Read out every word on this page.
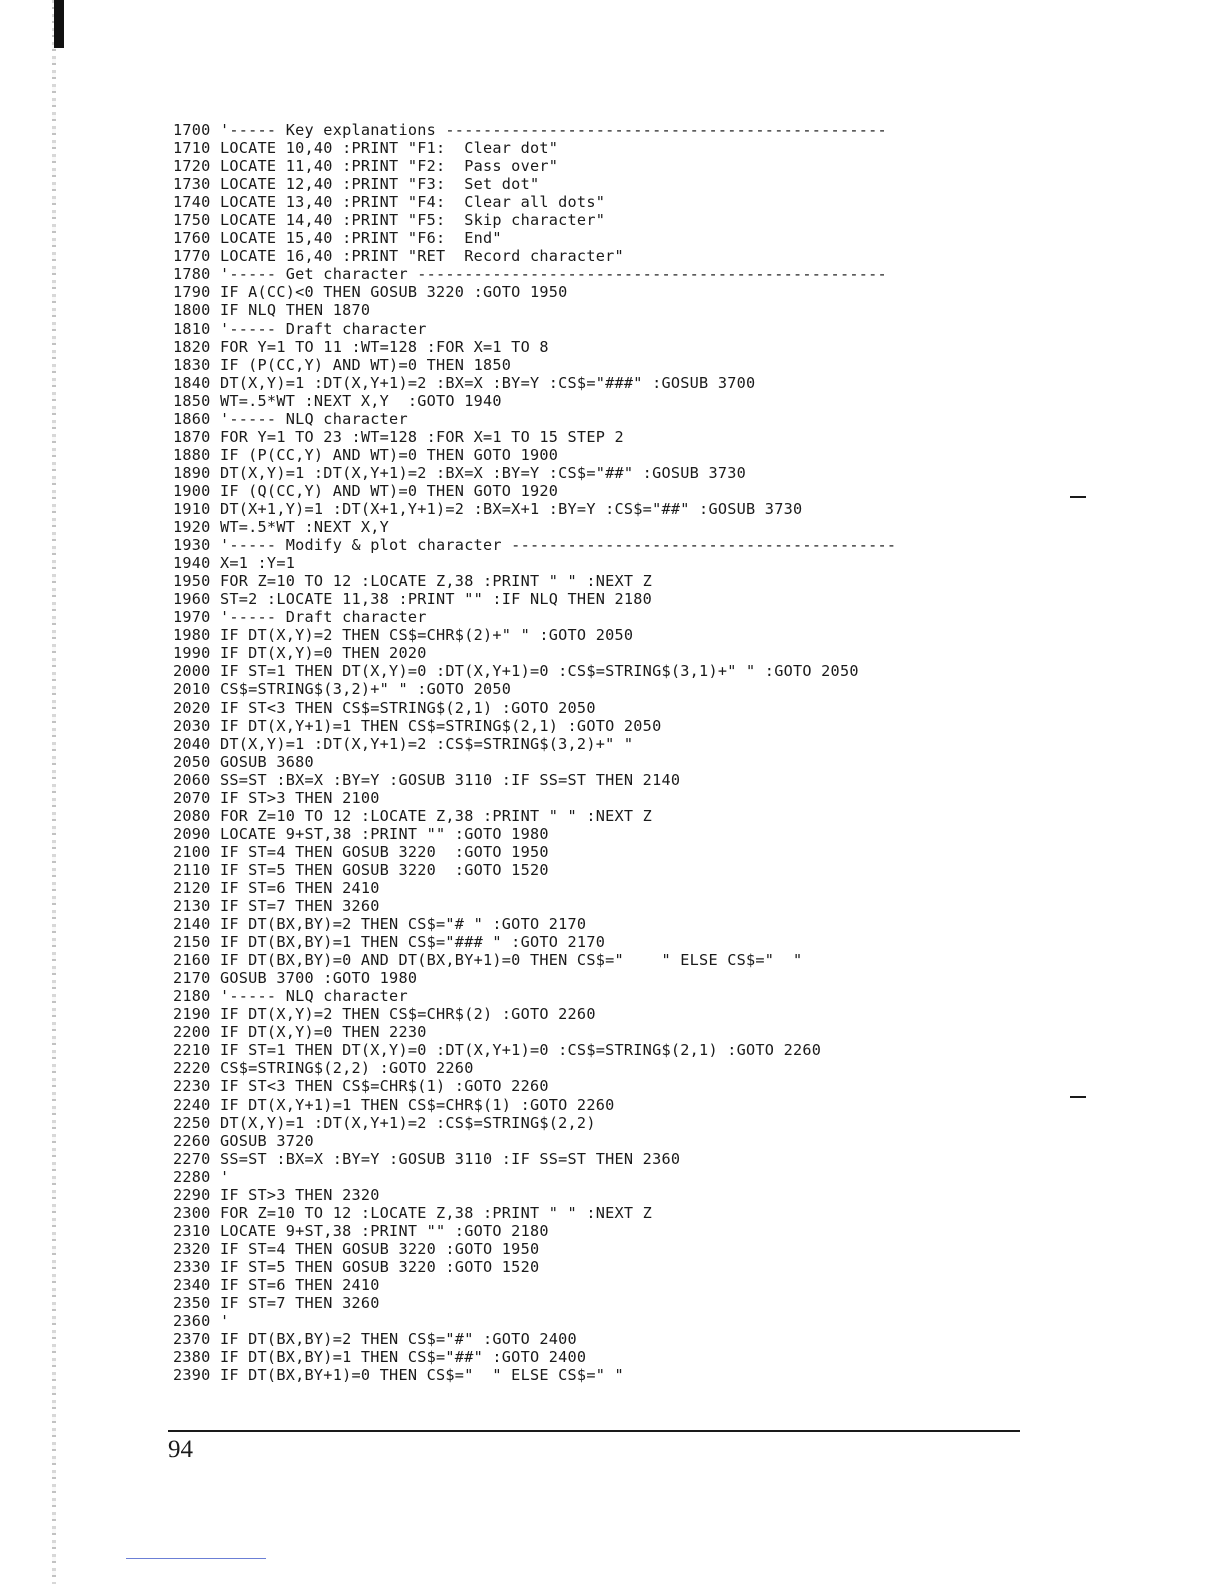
1700 '----- Key explanations -----------------------------------------------
1710 LOCATE 10,40 :PRINT "F1:  Clear dot"
1720 LOCATE 11,40 :PRINT "F2:  Pass over"
1730 LOCATE 12,40 :PRINT "F3:  Set dot"
1740 LOCATE 13,40 :PRINT "F4:  Clear all dots"
1750 LOCATE 14,40 :PRINT "F5:  Skip character"
1760 LOCATE 15,40 :PRINT "F6:  End"
1770 LOCATE 16,40 :PRINT "RET  Record character"
1780 '----- Get character --------------------------------------------------
1790 IF A(CC)<0 THEN GOSUB 3220 :GOTO 1950
1800 IF NLQ THEN 1870
1810 '----- Draft character
1820 FOR Y=1 TO 11 :WT=128 :FOR X=1 TO 8
1830 IF (P(CC,Y) AND WT)=0 THEN 1850
1840 DT(X,Y)=1 :DT(X,Y+1)=2 :BX=X :BY=Y :CS$="###" :GOSUB 3700
1850 WT=.5*WT :NEXT X,Y  :GOTO 1940
1860 '----- NLQ character
1870 FOR Y=1 TO 23 :WT=128 :FOR X=1 TO 15 STEP 2
1880 IF (P(CC,Y) AND WT)=0 THEN GOTO 1900
1890 DT(X,Y)=1 :DT(X,Y+1)=2 :BX=X :BY=Y :CS$="##" :GOSUB 3730
1900 IF (Q(CC,Y) AND WT)=0 THEN GOTO 1920
1910 DT(X+1,Y)=1 :DT(X+1,Y+1)=2 :BX=X+1 :BY=Y :CS$="##" :GOSUB 3730
1920 WT=.5*WT :NEXT X,Y
1930 '----- Modify & plot character -----------------------------------------
1940 X=1 :Y=1
1950 FOR Z=10 TO 12 :LOCATE Z,38 :PRINT " " :NEXT Z
1960 ST=2 :LOCATE 11,38 :PRINT "" :IF NLQ THEN 2180
1970 '----- Draft character
1980 IF DT(X,Y)=2 THEN CS$=CHR$(2)+" " :GOTO 2050
1990 IF DT(X,Y)=0 THEN 2020
2000 IF ST=1 THEN DT(X,Y)=0 :DT(X,Y+1)=0 :CS$=STRING$(3,1)+" " :GOTO 2050
2010 CS$=STRING$(3,2)+" " :GOTO 2050
2020 IF ST<3 THEN CS$=STRING$(2,1) :GOTO 2050
2030 IF DT(X,Y+1)=1 THEN CS$=STRING$(2,1) :GOTO 2050
2040 DT(X,Y)=1 :DT(X,Y+1)=2 :CS$=STRING$(3,2)+" "
2050 GOSUB 3680
2060 SS=ST :BX=X :BY=Y :GOSUB 3110 :IF SS=ST THEN 2140
2070 IF ST>3 THEN 2100
2080 FOR Z=10 TO 12 :LOCATE Z,38 :PRINT " " :NEXT Z
2090 LOCATE 9+ST,38 :PRINT "" :GOTO 1980
2100 IF ST=4 THEN GOSUB 3220  :GOTO 1950
2110 IF ST=5 THEN GOSUB 3220  :GOTO 1520
2120 IF ST=6 THEN 2410
2130 IF ST=7 THEN 3260
2140 IF DT(BX,BY)=2 THEN CS$="# " :GOTO 2170
2150 IF DT(BX,BY)=1 THEN CS$="### " :GOTO 2170
2160 IF DT(BX,BY)=0 AND DT(BX,BY+1)=0 THEN CS$="    " ELSE CS$="  "
2170 GOSUB 3700 :GOTO 1980
2180 '----- NLQ character
2190 IF DT(X,Y)=2 THEN CS$=CHR$(2) :GOTO 2260
2200 IF DT(X,Y)=0 THEN 2230
2210 IF ST=1 THEN DT(X,Y)=0 :DT(X,Y+1)=0 :CS$=STRING$(2,1) :GOTO 2260
2220 CS$=STRING$(2,2) :GOTO 2260
2230 IF ST<3 THEN CS$=CHR$(1) :GOTO 2260
2240 IF DT(X,Y+1)=1 THEN CS$=CHR$(1) :GOTO 2260
2250 DT(X,Y)=1 :DT(X,Y+1)=2 :CS$=STRING$(2,2)
2260 GOSUB 3720
2270 SS=ST :BX=X :BY=Y :GOSUB 3110 :IF SS=ST THEN 2360
2280 '
2290 IF ST>3 THEN 2320
2300 FOR Z=10 TO 12 :LOCATE Z,38 :PRINT " " :NEXT Z
2310 LOCATE 9+ST,38 :PRINT "" :GOTO 2180
2320 IF ST=4 THEN GOSUB 3220 :GOTO 1950
2330 IF ST=5 THEN GOSUB 3220 :GOTO 1520
2340 IF ST=6 THEN 2410
2350 IF ST=7 THEN 3260
2360 '
2370 IF DT(BX,BY)=2 THEN CS$="#" :GOTO 2400
2380 IF DT(BX,BY)=1 THEN CS$="##" :GOTO 2400
2390 IF DT(BX,BY+1)=0 THEN CS$="  " ELSE CS$=" "
94
